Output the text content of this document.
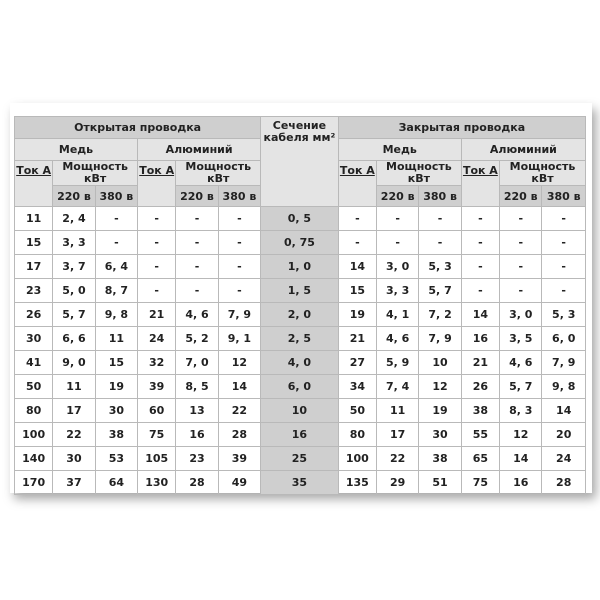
Открытая проводка						Сечение кабеля мм²	Закрытая проводка					
Медь			Алюминий				Медь			Алюминий		
Ток А	Мощность кВт		Ток А	Мощность кВт			Ток А	Мощность кВт		Ток А	Мощность кВт	
	220 в	380 в		220 в	380 в			220 в	380 в		220 в	380 в
11	2, 4	-	-	-	-	0, 5	-	-	-	-	-	-
15	3, 3	-	-	-	-	0, 75	-	-	-	-	-	-
17	3, 7	6, 4	-	-	-	1, 0	14	3, 0	5, 3	-	-	-
23	5, 0	8, 7	-	-	-	1, 5	15	3, 3	5, 7	-	-	-
26	5, 7	9, 8	21	4, 6	7, 9	2, 0	19	4, 1	7, 2	14	3, 0	5, 3
30	6, 6	11	24	5, 2	9, 1	2, 5	21	4, 6	7, 9	16	3, 5	6, 0
41	9, 0	15	32	7, 0	12	4, 0	27	5, 9	10	21	4, 6	7, 9
50	11	19	39	8, 5	14	6, 0	34	7, 4	12	26	5, 7	9, 8
80	17	30	60	13	22	10	50	11	19	38	8, 3	14
100	22	38	75	16	28	16	80	17	30	55	12	20
140	30	53	105	23	39	25	100	22	38	65	14	24
170	37	64	130	28	49	35	135	29	51	75	16	28
